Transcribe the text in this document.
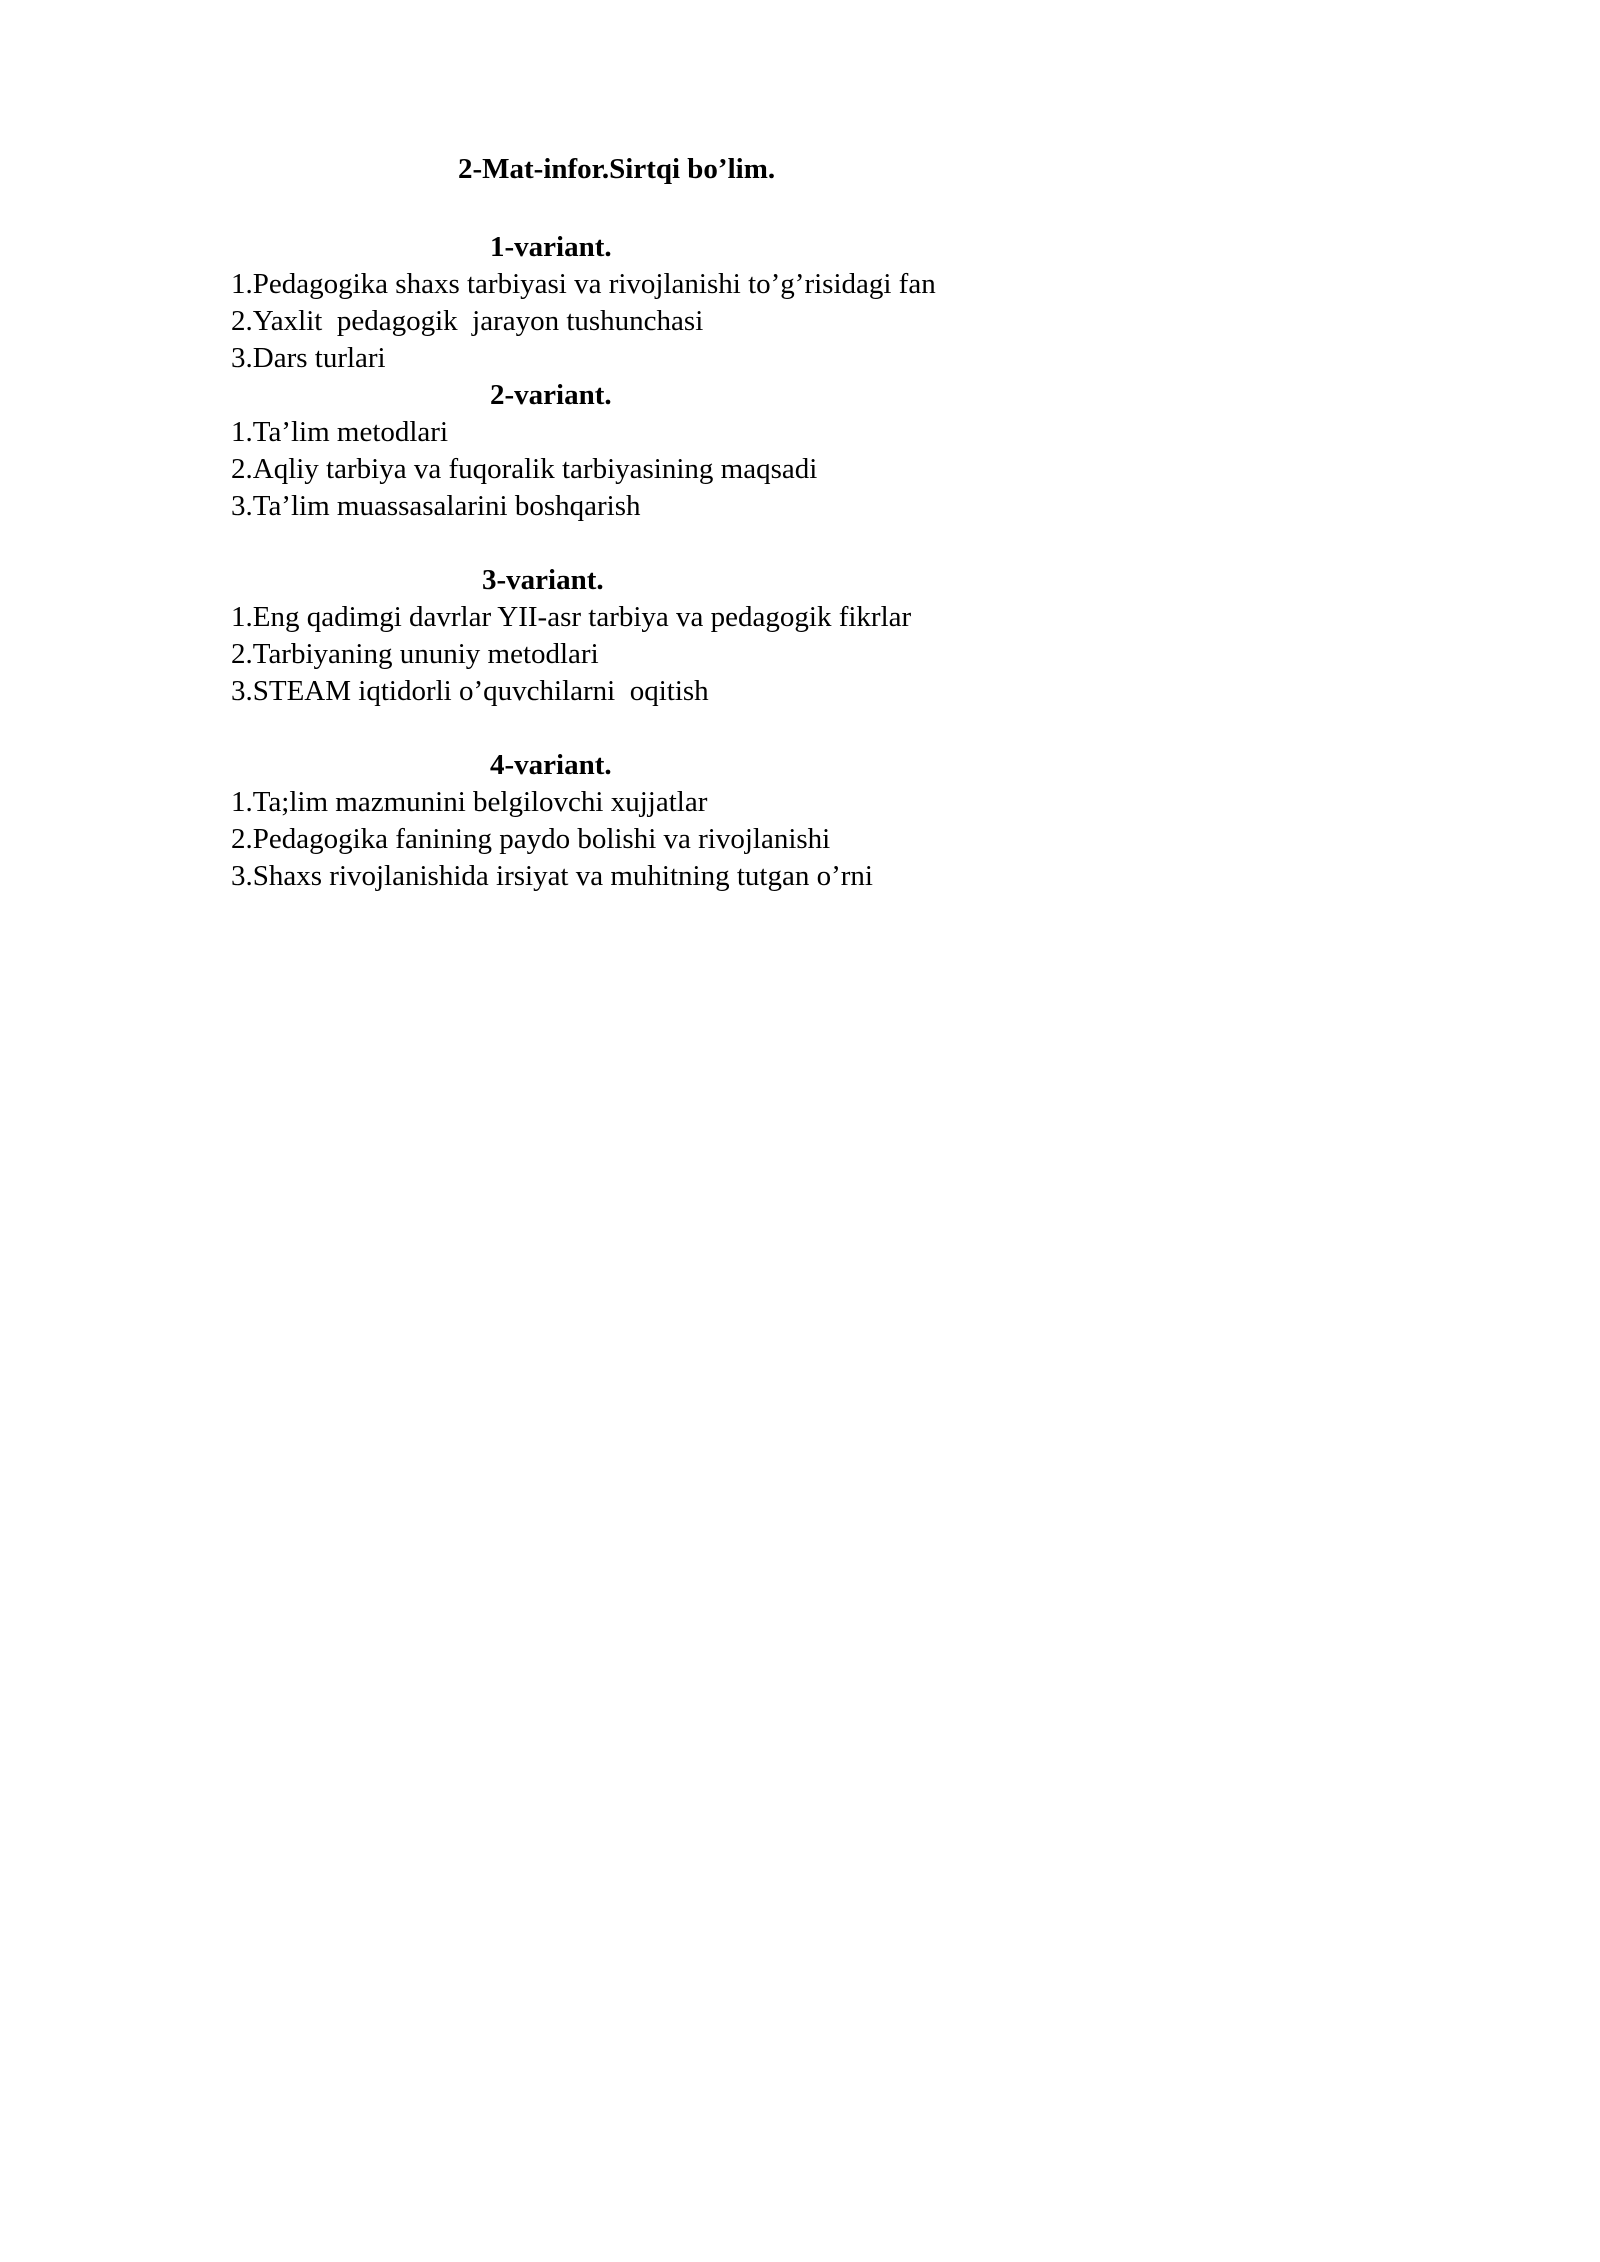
2-Mat-infor.Sirtqi bo’lim.
1-variant.
1.Pedagogika shaxs tarbiyasi va rivojlanishi to’g’risidagi fan
2.Yaxlit  pedagogik  jarayon tushunchasi
3.Dars turlari
2-variant.
1.Ta’lim metodlari
2.Aqliy tarbiya va fuqoralik tarbiyasining maqsadi
3.Ta’lim muassasalarini boshqarish
3-variant.
1.Eng qadimgi davrlar YII-asr tarbiya va pedagogik fikrlar
2.Tarbiyaning ununiy metodlari
3.STEAM iqtidorli o’quvchilarni  oqitish
4-variant.
1.Ta;lim mazmunini belgilovchi xujjatlar
2.Pedagogika fanining paydo bolishi va rivojlanishi
3.Shaxs rivojlanishida irsiyat va muhitning tutgan o’rni
